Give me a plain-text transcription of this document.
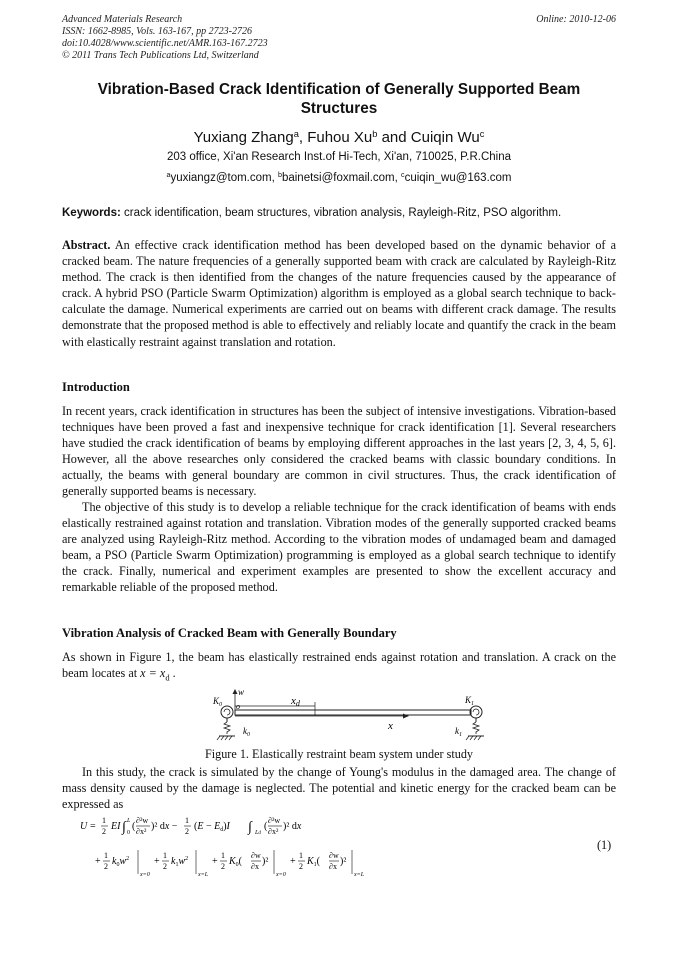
Advanced Materials Research
ISSN: 1662-8985, Vols. 163-167, pp 2723-2726
doi:10.4028/www.scientific.net/AMR.163-167.2723
© 2011 Trans Tech Publications Ltd, Switzerland
Online: 2010-12-06
Vibration-Based Crack Identification of Generally Supported Beam Structures
Yuxiang Zhang$^a$, Fuhou Xu$^b$ and Cuiqin Wu$^c$
203 office, Xi'an Research Inst.of Hi-Tech, Xi'an, 710025, P.R.China
$^a$yuxiangz@tom.com, $^b$bainetsi@foxmail.com, $^c$cuiqin_wu@163.com
Keywords: crack identification, beam structures, vibration analysis, Rayleigh-Ritz, PSO algorithm.
Abstract. An effective crack identification method has been developed based on the dynamic behavior of a cracked beam. The nature frequencies of a generally supported beam with crack are calculated by Rayleigh-Ritz method. The crack is then identified from the changes of the nature frequencies caused by the appearance of crack. A hybrid PSO (Particle Swarm Optimization) algorithm is employed as a global search technique to back-calculate the damage. Numerical experiments are carried out on beams with different crack damage. The results demonstrate that the proposed method is able to effectively and reliably locate and quantify the crack in the beam with elastically restraint against translation and rotation.
Introduction
In recent years, crack identification in structures has been the subject of intensive investigations. Vibration-based techniques have been proved a fast and inexpensive technique for crack identification [1]. Several researchers have studied the crack identification of beams by employing different approaches in the last years [2, 3, 4, 5, 6]. However, all the above researches only considered the cracked beams with classic boundary conditions. In actually, the beams with general boundary are common in civil structures. Thus, the crack identification of generally supported beams is necessary.
The objective of this study is to develop a reliable technique for the crack identification of beams with ends elastically restrained against rotation and translation. Vibration modes of the generally supported cracked beams are analyzed using Rayleigh-Ritz method. According to the vibration modes of undamaged beam and damaged beam, a PSO (Particle Swarm Optimization) programming is employed as a global search technique to identify the crack. Finally, numerical and experiment examples are presented to show the excellent accuracy and remarkable reliable of the proposed method.
Vibration Analysis of Cracked Beam with Generally Boundary
As shown in Figure 1, the beam has elastically restrained ends against rotation and translation. A crack on the beam locates at $x = x_d$ .
w
$K_0$ o	xd	$K_1$
x
$k_0$	$k_1$
Figure 1. Elastically restraint beam system under study
In this study, the crack is simulated by the change of Young's modulus in the damaged area. The change of mass density caused by the damage is neglected. The potential and kinetic energy for the cracked beam can be expressed as
U =
1
2 EI ∫ L
0
(
∂²w
∂x² )² dx −
1
2 $(E - E_d)I$ ∫ Ld
(
∂²w
∂x² )² dx
+
1
2 $k_0w^2$
x=0
+
1
2 $k_1w^2$
x=L
+
1
2 $K_0$(
∂w
∂x )²
x=0
+
1
2 $K_1$(
∂w
∂x )²
x=L
(1)
